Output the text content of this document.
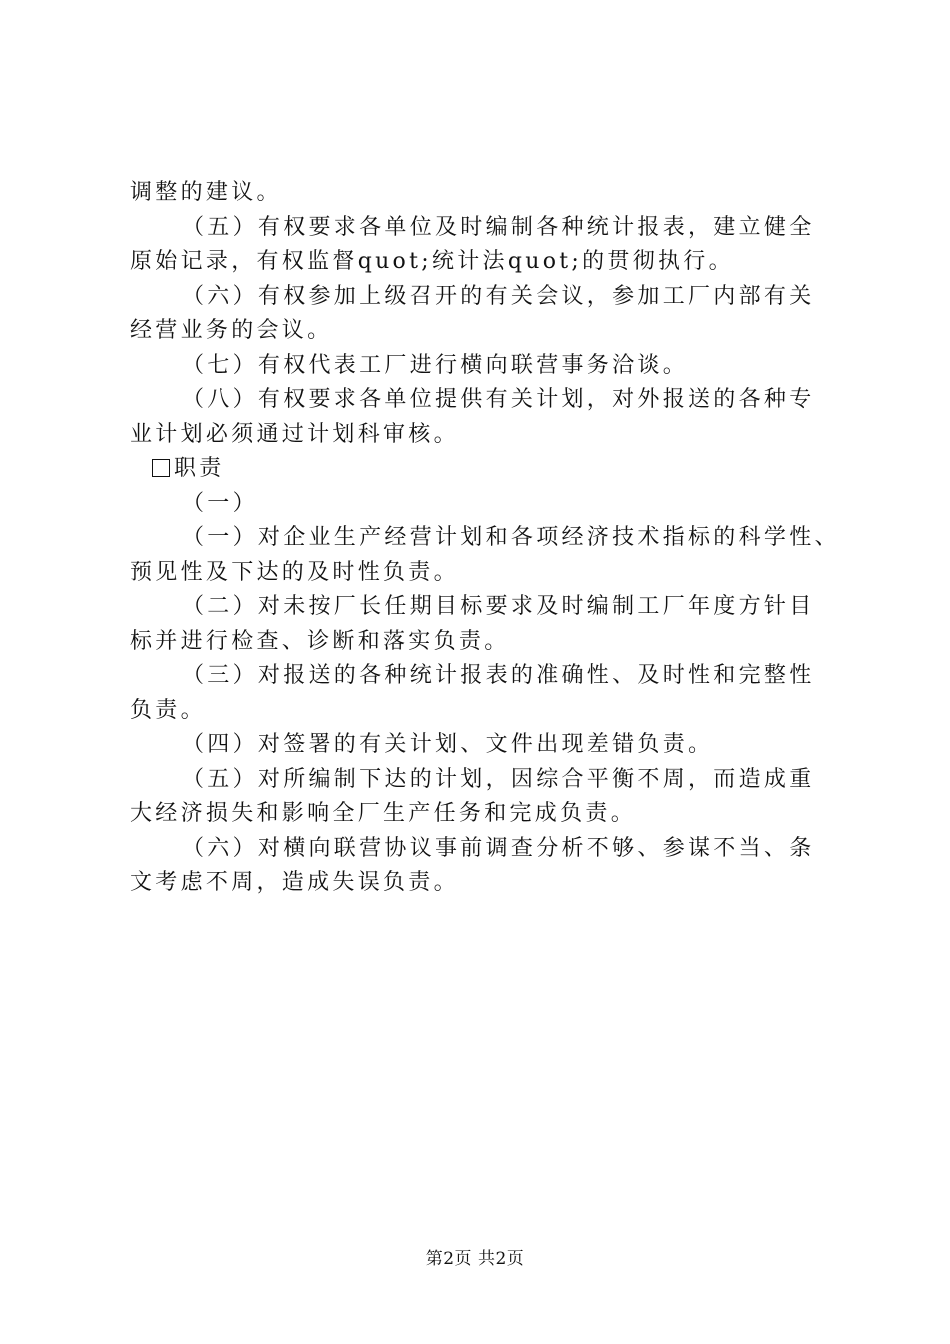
调整的建议。
（五）有权要求各单位及时编制各种统计报表，建立健全
原始记录，有权监督quot;统计法quot;的贯彻执行。
（六）有权参加上级召开的有关会议，参加工厂内部有关
经营业务的会议。
（七）有权代表工厂进行横向联营事务洽谈。
（八）有权要求各单位提供有关计划，对外报送的各种专
业计划必须通过计划科审核。
职责
（一）
（一）对企业生产经营计划和各项经济技术指标的科学性、
预见性及下达的及时性负责。
（二）对未按厂长任期目标要求及时编制工厂年度方针目
标并进行检查、诊断和落实负责。
（三）对报送的各种统计报表的准确性、及时性和完整性
负责。
（四）对签署的有关计划、文件出现差错负责。
（五）对所编制下达的计划，因综合平衡不周，而造成重
大经济损失和影响全厂生产任务和完成负责。
（六）对横向联营协议事前调查分析不够、参谋不当、条
文考虑不周，造成失误负责。
第2页 共2页
